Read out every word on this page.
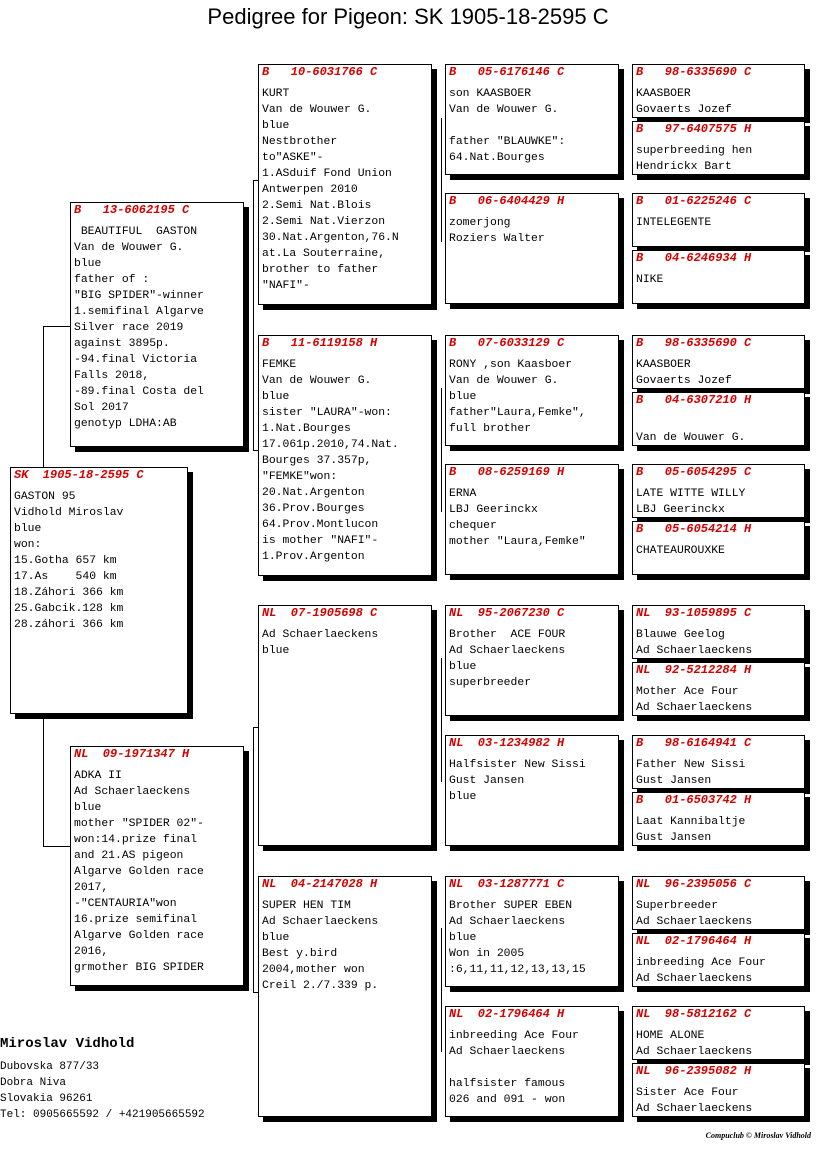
Pedigree for Pigeon: SK 1905-18-2595 C
SK  1905-18-2595 C
GASTON 95
Vidhold Miroslav
blue
won:
15.Gotha 657 km
17.As    540 km
18.Záhori 366 km
25.Gabcik.128 km
28.záhori 366 km
B   13-6062195 C
BEAUTIFUL  GASTON
Van de Wouwer G.
blue
father of :
"BIG SPIDER"-winner
1.semifinal Algarve
Silver race 2019
against 3895p.
-94.final Victoria
Falls 2018,
-89.final Costa del
Sol 2017
genotyp LDHA:AB
NL  09-1971347 H
ADKA II
Ad Schaerlaeckens
blue
mother "SPIDER 02"-
won:14.prize final
and 21.AS pigeon
Algarve Golden race
2017,
-"CENTAURIA"won
16.prize semifinal
Algarve Golden race
2016,
grmother BIG SPIDER
B   10-6031766 C
KURT
Van de Wouwer G.
blue
Nestbrother
to"ASKE"-
1.ASduif Fond Union
Antwerpen 2010
2.Semi Nat.Blois
2.Semi Nat.Vierzon
30.Nat.Argenton,76.N
at.La Souterraine,
brother to father
"NAFI"-
B   11-6119158 H
FEMKE
Van de Wouwer G.
blue
sister "LAURA"-won:
1.Nat.Bourges
17.061p.2010,74.Nat.
Bourges 37.357p,
"FEMKE"won:
20.Nat.Argenton
36.Prov.Bourges
64.Prov.Montlucon
is mother "NAFI"-
1.Prov.Argenton
NL  07-1905698 C
Ad Schaerlaeckens
blue
NL  04-2147028 H
SUPER HEN TIM
Ad Schaerlaeckens
blue
Best y.bird
2004,mother won
Creil 2./7.339 p.
B   05-6176146 C
son KAASBOER
Van de Wouwer G.

father "BLAUWKE":
64.Nat.Bourges
B   06-6404429 H
zomerjong
Roziers Walter
B   07-6033129 C
RONY ,son Kaasboer
Van de Wouwer G.
blue
father"Laura,Femke",
full brother
B   08-6259169 H
ERNA
LBJ Geerinckx
chequer
mother "Laura,Femke"
NL  95-2067230 C
Brother  ACE FOUR
Ad Schaerlaeckens
blue
superbreeder
NL  03-1234982 H
Halfsister New Sissi
Gust Jansen
blue
NL  03-1287771 C
Brother SUPER EBEN
Ad Schaerlaeckens
blue
Won in 2005
:6,11,11,12,13,13,15
NL  02-1796464 H
inbreeding Ace Four
Ad Schaerlaeckens

halfsister famous
026 and 091 - won
B   98-6335690 C
KAASBOER
Govaerts Jozef
B   97-6407575 H
superbreeding hen
Hendrickx Bart
B   01-6225246 C
INTELEGENTE
B   04-6246934 H
NIKE
B   98-6335690 C
KAASBOER
Govaerts Jozef
B   04-6307210 H

Van de Wouwer G.
B   05-6054295 C
LATE WITTE WILLY
LBJ Geerinckx
B   05-6054214 H
CHATEAUROUXKE
NL  93-1059895 C
Blauwe Geelog
Ad Schaerlaeckens
NL  92-5212284 H
Mother Ace Four
Ad Schaerlaeckens
B   98-6164941 C
Father New Sissi
Gust Jansen
B   01-6503742 H
Laat Kannibaltje
Gust Jansen
NL  96-2395056 C
Superbreeder
Ad Schaerlaeckens
NL  02-1796464 H
inbreeding Ace Four
Ad Schaerlaeckens
NL  98-5812162 C
HOME ALONE
Ad Schaerlaeckens
NL  96-2395082 H
Sister Ace Four
Ad Schaerlaeckens
Miroslav Vidhold
Dubovska 877/33
Dobra Niva
Slovakia 96261
Tel: 0905665592 / +421905665592
Compuclub © Miroslav Vidhold
